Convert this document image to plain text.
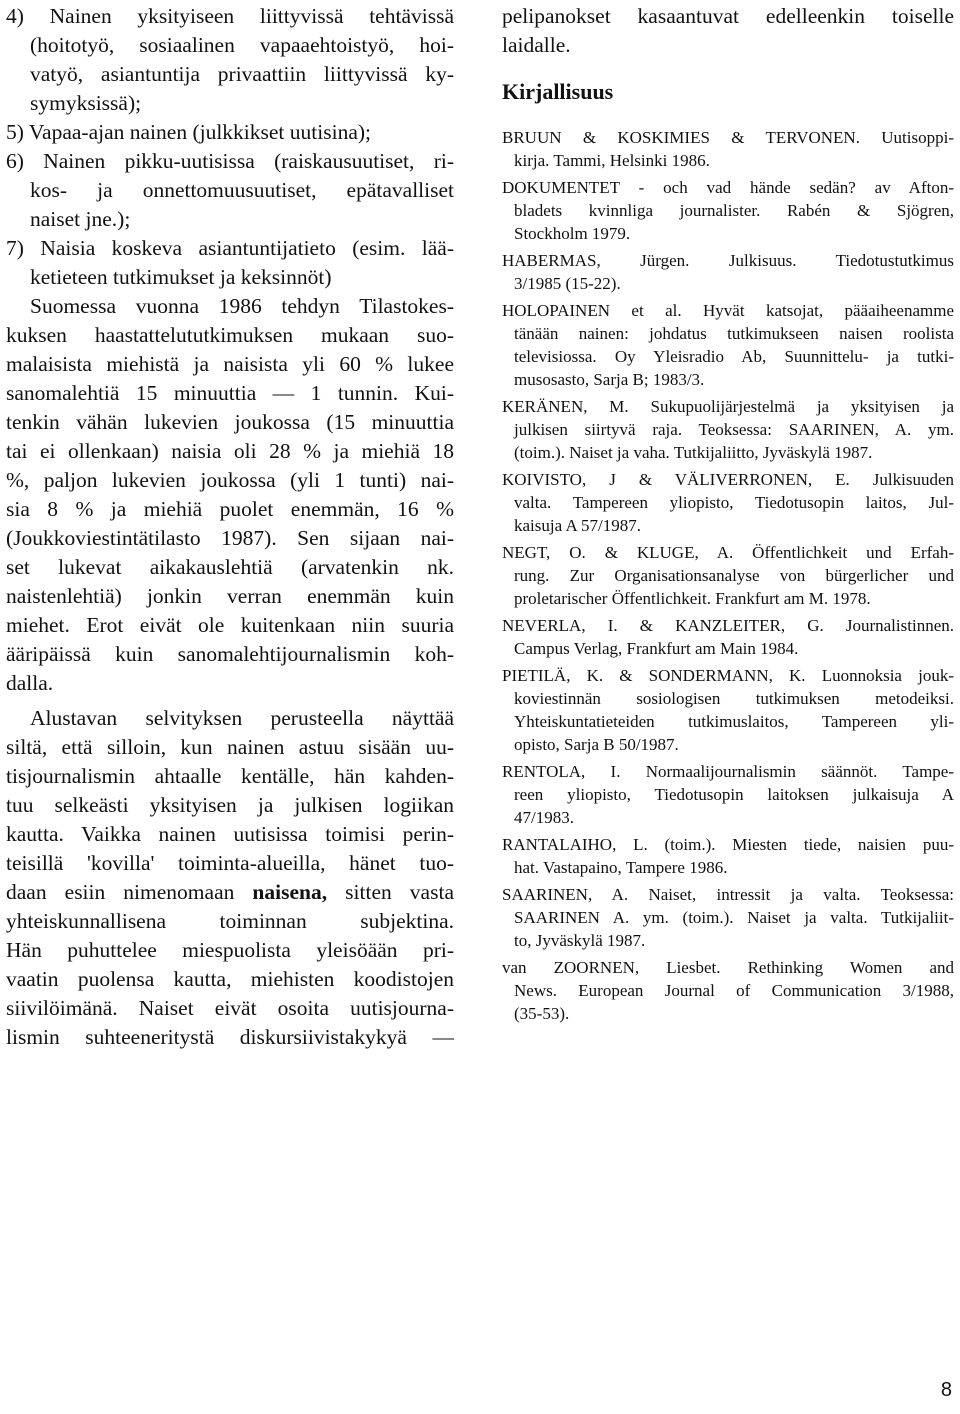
4) Nainen yksityiseen liittyvissä tehtävissä
(hoitotyö, sosiaalinen vapaaehtoistyö, hoi-
vatyö, asiantuntija privaattiin liittyvissä ky-
symyksissä);
5) Vapaa-ajan nainen (julkkikset uutisina);
6) Nainen pikku-uutisissa (raiskausuutiset, ri-
kos- ja onnettomuusuutiset, epätavalliset
naiset jne.);
7) Naisia koskeva asiantuntijatieto (esim. lää-
ketieteen tutkimukset ja keksinnöt)
Suomessa vuonna 1986 tehdyn Tilastokes-
kuksen haastattelututkimuksen mukaan suo-
malaisista miehistä ja naisista yli 60 % lukee
sanomalehtiä 15 minuuttia — 1 tunnin. Kui-
tenkin vähän lukevien joukossa (15 minuuttia
tai ei ollenkaan) naisia oli 28 % ja miehiä 18
%, paljon lukevien joukossa (yli 1 tunti) nai-
sia 8 % ja miehiä puolet enemmän, 16 %
(Joukkoviestintätilasto 1987). Sen sijaan nai-
set lukevat aikakauslehtiä (arvatenkin nk.
naistenlehtiä) jonkin verran enemmän kuin
miehet. Erot eivät ole kuitenkaan niin suuria
ääripäissä kuin sanomalehtijournalismin koh-
dalla.
Alustavan selvityksen perusteella näyttää
siltä, että silloin, kun nainen astuu sisään uu-
tisjournalismin ahtaalle kentälle, hän kahden-
tuu selkeästi yksityisen ja julkisen logiikan
kautta. Vaikka nainen uutisissa toimisi perin-
teisillä 'kovilla' toiminta-alueilla, hänet tuo-
daan esiin nimenomaan naisena, sitten vasta
yhteiskunnallisena toiminnan subjektina.
Hän puhuttelee miespuolista yleisöään pri-
vaatin puolensa kautta, miehisten koodistojen
siivilöimänä. Naiset eivät osoita uutisjourna-
lismin suhteeneritystä diskursiivistakykyä —
pelipanokset kasaantuvat edelleenkin toiselle
laidalle.
Kirjallisuus
BRUUN & KOSKIMIES & TERVONEN. Uutisoppi-
kirja. Tammi, Helsinki 1986.
DOKUMENTET - och vad hände sedän? av Afton-
bladets kvinnliga journalister. Rabén & Sjögren,
Stockholm 1979.
HABERMAS, Jürgen. Julkisuus. Tiedotustutkimus
3/1985 (15-22).
HOLOPAINEN et al. Hyvät katsojat, pääaiheenamme
tänään nainen: johdatus tutkimukseen naisen roolista
televisiossa. Oy Yleisradio Ab, Suunnittelu- ja tutki-
musosasto, Sarja B; 1983/3.
KERÄNEN, M. Sukupuolijärjestelmä ja yksityisen ja
julkisen siirtyvä raja. Teoksessa: SAARINEN, A. ym.
(toim.). Naiset ja vaha. Tutkijaliitto, Jyväskylä 1987.
KOIVISTO, J & VÄLIVERRONEN, E. Julkisuuden
valta. Tampereen yliopisto, Tiedotusopin laitos, Jul-
kaisuja A 57/1987.
NEGT, O. & KLUGE, A. Öffentlichkeit und Erfah-
rung. Zur Organisationsanalyse von bürgerlicher und
proletarischer Öffentlichkeit. Frankfurt am M. 1978.
NEVERLA, I. & KANZLEITER, G. Journalistinnen.
Campus Verlag, Frankfurt am Main 1984.
PIETILÄ, K. & SONDERMANN, K. Luonnoksia jouk-
koviestinnän sosiologisen tutkimuksen metodeiksi.
Yhteiskuntatieteiden tutkimuslaitos, Tampereen yli-
opisto, Sarja B 50/1987.
RENTOLA, I. Normaalijournalismin säännöt. Tampe-
reen yliopisto, Tiedotusopin laitoksen julkaisuja A
47/1983.
RANTALAIHO, L. (toim.). Miesten tiede, naisien puu-
hat. Vastapaino, Tampere 1986.
SAARINEN, A. Naiset, intressit ja valta. Teoksessa:
SAARINEN A. ym. (toim.). Naiset ja valta. Tutkijaliit-
to, Jyväskylä 1987.
van ZOORNEN, Liesbet. Rethinking Women and
News. European Journal of Communication 3/1988,
(35-53).
8
